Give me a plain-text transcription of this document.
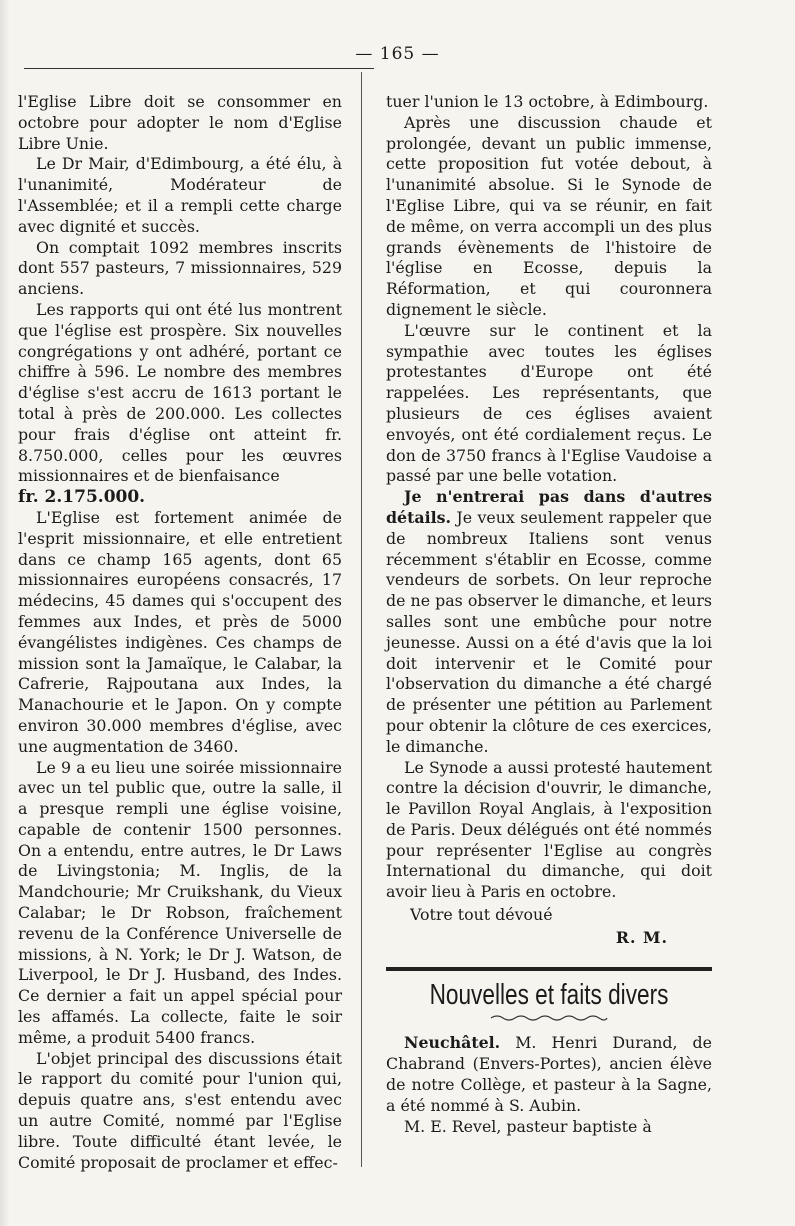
— 165 —

l'Eglise Libre doit se consommer en octobre pour adopter le nom d'Eglise Libre Unie.

Le Dr Mair, d'Edimbourg, a été élu, à l'unanimité, Modérateur de l'Assemblée; et il a rempli cette charge avec dignité et succès.

On comptait 1092 membres inscrits dont 557 pasteurs, 7 missionnaires, 529 anciens.

Les rapports qui ont été lus montrent que l'église est prospère. Six nouvelles congrégations y ont adhéré, portant ce chiffre à 596. Le nombre des membres d'église s'est accru de 1613 portant le total à près de 200.000. Les collectes pour frais d'église ont atteint fr. 8.750.000, celles pour les œuvres missionnaires et de bienfaisance

fr. 2.175.000.

L'Eglise est fortement animée de l'esprit missionnaire, et elle entretient dans ce champ 165 agents, dont 65 missionnaires européens consacrés, 17 médecins, 45 dames qui s'occupent des femmes aux Indes, et près de 5000 évangélistes indigènes. Ces champs de mission sont la Jamaïque, le Calabar, la Cafrerie, Rajpoutana aux Indes, la Manachourie et le Japon. On y compte environ 30.000 membres d'église, avec une augmentation de 3460.

Le 9 a eu lieu une soirée missionnaire avec un tel public que, outre la salle, il a presque rempli une église voisine, capable de contenir 1500 personnes. On a entendu, entre autres, le Dr Laws de Livingstonia; M. Inglis, de la Mandchourie; Mr Cruikshank, du Vieux Calabar; le Dr Robson, fraîchement revenu de la Conférence Universelle de missions, à N. York; le Dr J. Watson, de Liverpool, le Dr J. Husband, des Indes. Ce dernier a fait un appel spécial pour les affamés. La collecte, faite le soir même, a produit 5400 francs.

L'objet principal des discussions était le rapport du comité pour l'union qui, depuis quatre ans, s'est entendu avec un autre Comité, nommé par l'Eglise libre. Toute difficulté étant levée, le Comité proposait de proclamer et effec-

tuer l'union le 13 octobre, à Edimbourg.

Après une discussion chaude et prolongée, devant un public immense, cette proposition fut votée debout, à l'unanimité absolue. Si le Synode de l'Eglise Libre, qui va se réunir, en fait de même, on verra accompli un des plus grands évènements de l'histoire de l'église en Ecosse, depuis la Réformation, et qui couronnera dignement le siècle.

L'œuvre sur le continent et la sympathie avec toutes les églises protestantes d'Europe ont été rappelées. Les représentants, que plusieurs de ces églises avaient envoyés, ont été cordialement reçus. Le don de 3750 francs à l'Eglise Vaudoise a passé par une belle votation.

Je n'entrerai pas dans d'autres détails. Je veux seulement rappeler que de nombreux Italiens sont venus récemment s'établir en Ecosse, comme vendeurs de sorbets. On leur reproche de ne pas observer le dimanche, et leurs salles sont une embûche pour notre jeunesse. Aussi on a été d'avis que la loi doit intervenir et le Comité pour l'observation du dimanche a été chargé de présenter une pétition au Parlement pour obtenir la clôture de ces exercices, le dimanche.

Le Synode a aussi protesté hautement contre la décision d'ouvrir, le dimanche, le Pavillon Royal Anglais, à l'exposition de Paris. Deux délégués ont été nommés pour représenter l'Eglise au congrès International du dimanche, qui doit avoir lieu à Paris en octobre.

Votre tout dévoué

R. M.

Nouvelles et faits divers

Neuchâtel. M. Henri Durand, de Chabrand (Envers-Portes), ancien élève de notre Collège, et pasteur à la Sagne, a été nommé à S. Aubin.

M. E. Revel, pasteur baptiste à
